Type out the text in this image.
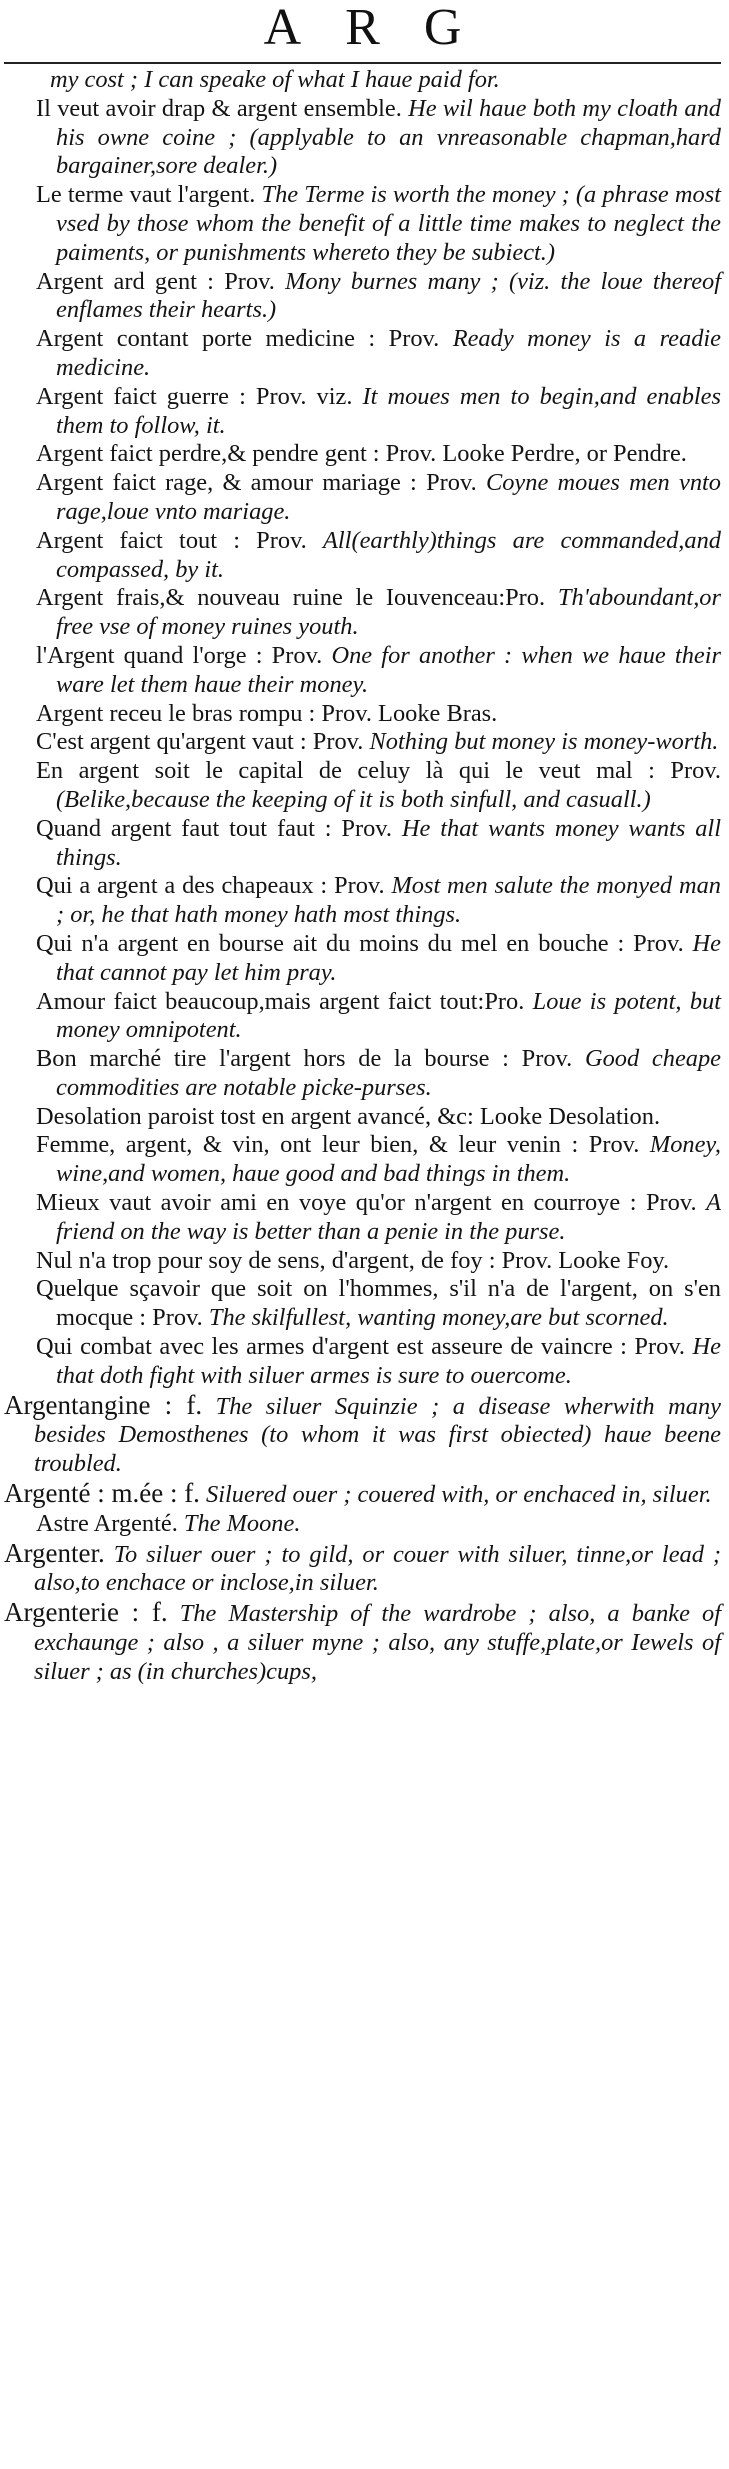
ARG

my cost ; I can speake of what I haue paid for.

Il veut avoir drap & argent ensemble. He wil haue both my cloath and his owne coine ; (applyable to an vnreasonable chapman,hard bargainer,sore dealer.)

Le terme vaut l'argent. The Terme is worth the money ; (a phrase most vsed by those whom the benefit of a little time makes to neglect the paiments, or punishments whereto they be subiect.)

Argent ard gent : Prov. Mony burnes many ; (viz. the loue thereof enflames their hearts.)

Argent contant porte medicine : Prov. Ready money is a readie medicine.

Argent faict guerre : Prov. viz. It moues men to begin,and enables them to follow, it.

Argent faict perdre,& pendre gent : Prov. Looke Perdre, or Pendre.

Argent faict rage, & amour mariage : Prov. Coyne moues men vnto rage,loue vnto mariage.

Argent faict tout : Prov. All(earthly)things are commanded,and compassed, by it.

Argent frais,& nouveau ruine le Iouvenceau:Pro. Th'aboundant,or free vse of money ruines youth.

l'Argent quand l'orge : Prov. One for another : when we haue their ware let them haue their money.

Argent receu le bras rompu : Prov. Looke Bras.

C'est argent qu'argent vaut : Prov. Nothing but money is money-worth.

En argent soit le capital de celuy là qui le veut mal : Prov. (Belike,because the keeping of it is both sinfull, and casuall.)

Quand argent faut tout faut : Prov. He that wants money wants all things.

Qui a argent a des chapeaux : Prov. Most men salute the monyed man ; or, he that hath money hath most things.

Qui n'a argent en bourse ait du moins du mel en bouche : Prov. He that cannot pay let him pray.

Amour faict beaucoup,mais argent faict tout:Pro. Loue is potent, but money omnipotent.

Bon marché tire l'argent hors de la bourse : Prov. Good cheape commodities are notable picke-purses.

Desolation paroist tost en argent avancé, &c: Looke Desolation.

Femme, argent, & vin, ont leur bien, & leur venin : Prov. Money, wine,and women, haue good and bad things in them.

Mieux vaut avoir ami en voye qu'or n'argent en courroye : Prov. A friend on the way is better than a penie in the purse.

Nul n'a trop pour soy de sens, d'argent, de foy : Prov. Looke Foy.

Quelque sçavoir que soit on l'hommes, s'il n'a de l'argent, on s'en mocque : Prov. The skilfullest, wanting money,are but scorned.

Qui combat avec les armes d'argent est asseure de vaincre : Prov. He that doth fight with siluer armes is sure to ouercome.

Argentangine : f. The siluer Squinzie ; a disease wherwith many besides Demosthenes (to whom it was first obiected) haue beene troubled.

Argenté : m.ée : f. Siluered ouer ; couered with, or enchaced in, siluer.

Astre Argenté. The Moone.

Argenter. To siluer ouer ; to gild, or couer with siluer, tinne,or lead ; also,to enchace or inclose,in siluer.

Argenterie : f. The Mastership of the wardrobe ; also, a banke of exchaunge ; also , a siluer myne ; also, any stuffe,plate,or Iewels of siluer ; as (in churches)cups,
